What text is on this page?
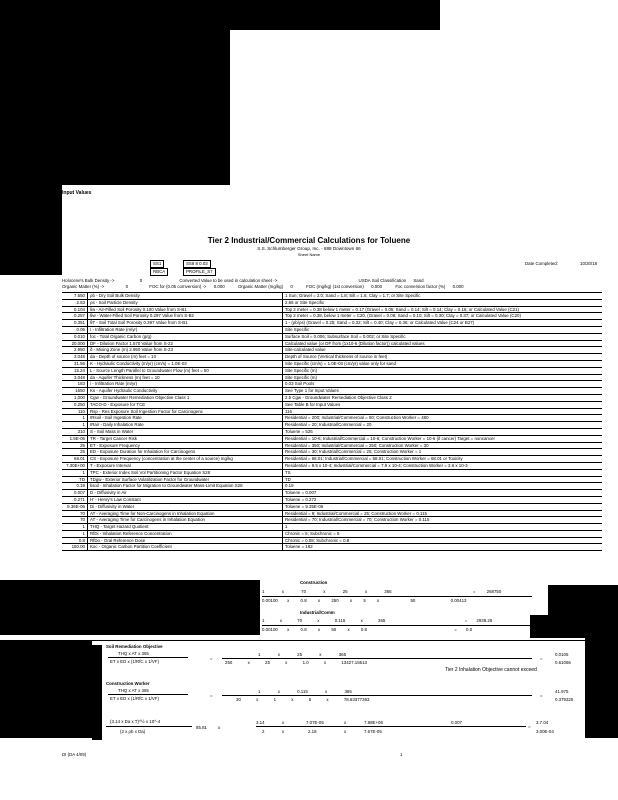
Input Values
Tier 2 Industrial/Commercial Calculations for Toluene
S.S. Schlumberger Group, Inc. - 888 Downtown 66
Sheet Name
SS1	SS8 8 0.03
RBCA	PROFILE_S7
Date Completed:	10/20/18
Holocene's Bulk Density ->	0	Converted Value to be used in calculation sheet ->	USDA Soil Classification Sand
Organic Matter (%) ->	0	FOC for (0.05 comversion) -> 0.000	Organic Matter (mg/kg) 0	FOC (mg/kg) (1st conversion) 0.000	Foc conversion factor (%) 0.000
7.550	ρb - Dry Soil Bulk Density	1 Sun; Gravel = 2.0; Sand = 1.8; Silt = 1.6; Clay = 1.7; or Site Specific
2.63	ρs - Soil Particle Density	2.65 or Site Specific
0.104	θa - Air-Filled Soil Porosity 0.100 Value from S-B1	Top 2 meter = 0.38 below 1 meter = 0.17 (Gravel = 0.05; Sand = 0.14; Silt = 0.14; Clay = 0.16; or Calculated Value (C21)
0.257	θw - Water-Filled Soil Porosity 0.297 Value from S-B2	Top 2 meter = 0.38, below 1 meter = C20, (Gravel = 0.08; Sand = 0.10; Silt = 0.30; Clay = 0.37; or Calculated Value (C20)
0.351	θT - Soil Total Soil Porosity 0.397 Value from S-B1	1 - (ρb/ρs) (Gravel = 0.25; Sand = 0.32; Silt = 0.40; Clay = 0.36; or Calculated Value (C24 or B27)
0.05	I - Infiltration Rate (m/yr)	Site Specific
0.010	foc - Total Organic Carbon (g/g)	Surface Soil = 0.006; Subsurface Soil = 0.002; or Site Specific
20.000	DF - Dilution Factor 1.570 Value from S-22	Calculated value (or DF from (1x10-6 (Dilution factor)) calculated values
2.950	δ - Mixing Zone (m) 2.950 Value from S-23	Site-calculated value
3.048	da - Depth of source (m) feet = 10	Depth of Source (Vertical thickness of source in feet)
31.56	K - Hydraulic Conductivity (m/yr) (cm/s) = 1.0E-03	Site Specific (cm/s) = 1.0E-03 (cm/yr) value only for sand
15.24	L - Source Length Parallel to Groundwater Flow (m) feet = 50	Site Specific (m)
3.048	da - Aquifer Thickness (m) feet = 10	Site Specific (m)
183	i - Infiltration Rate (m/yr)	0.03 Soil Pools
1650	Ks - Aquifer Hydraulic Conductivity	See Type 1 for Input Values
1,000	Cgw - Groundwater Remediation Objective Class 1	2.5 Cgw - Groundwater Remediation Objective Class 2
0.250	TACO-D - Exposure for TCE	See Table B for Input Values
110	Rsp - Res Exposure Soil Ingestion Factor for Carcinogens	116
1	IRsoil - Soil Ingestion Rate	Residential = 200; Industrial/Commercial = 50; Construction Worker = 480
1	IRair - Daily Inhalation Rate	Residential = 20; Industrial/Commercial = 20
310	S - Soil Mass in Water	Toluene = 526
1.9E-06	TR - Target Cancer Risk	Residential = 10-6; Industrial/Commercial = 10-6; Construction Worker = 10-6 (if cancer) Target = noncancer
25	ET - Exposure Frequency	Residential = 350; Industrial/Commercial = 250; Construction Worker = 30
25	ED - Exposure Duration for Inhalation for Carcinogens	Residential = 30; Industrial/Commercial = 25; Construction Worker = 1
68.01	CS - Exposure Frequency (concentration at the center of a source) mg/kg	Residential = 68.01; Industrial/Commercial = 68.01; Construction Worker = 68.01 or Toxicity
7.30E+00	T - Exposure Interval	Residential = 9.5 x 10-4; Industrial/Commercial = 7.9 x 10-4; Construction Worker = 3.6 x 10-3
1	TPC - Exterior Index Soil Vol Partitioning Factor Equation S28	TS
TD	TDgw - Exterior Surface Volatilization Factor for Groundwater	TD
0.19	ksoil - Inhalation Factor for Migration to Groundwater Mass-Limit Equation S28	0.19
0.007	D - Diffusivity in Air	Toluene = 0.007
0.271	H' - Henry's Law Constant	Toluene = 0.272
9.36E-06	Di - Diffusivity in Water	Toluene = 9.35E-06
70	AT - Averaging Time for Non-Carcinogens in Inhalation Equation	Residential = 9; Industrial/Commercial = 25; Construction Worker = 0.115
70	AT - Averaging Time for Carcinogens in Inhalation Equation	Residential = 70; Industrial/Commercial = 70; Construction Worker = 0.115
1	THQ - Target Hazard Quotient	1
1	RfDi - Inhalation Reference Concentration	Chronic = 5; Subchronic = 5
0.8	RfDo - Oral Reference Dose	Chronic = 0.08; Subchronic = 0.8
150.00	Koc - Organic Carbon Partition Coefficient	Toluene = 182
Construction
1	x	70	x	25	x	365	=	268750
0.00100 x	0.8	x	250	x	5	x	50	0.00413
Industrial/Comm
1	x	70	x	0.115	x	365	= 2938.29
0.00100 x	0.8	x	50	x	0.8	= 0.0
Soil Remediation Objective
THQ x AT x 365
ET x ED x (1/RfC x 1/VF)
1	x	25	x	365
=
250	x	25	x	1.0	x	13427.15513
=
0.0105
0.61066
Tier 2 Inhalation Objective cannot exceed
Construction Worker
THQ x AT x 365
ET x ED x (1/RfC x 1/VF)
1	x	0.115	x	365
=
30	x	1	x	5	x	78.63377363
=
41.975
0.379325
(3.14 x Da x T)^½ x 10^-4
(2 x ρb x Da)
85.81	x
3.14	x	7.07E-05	x	7.88E+06	0.007	3.7.04
2	x	2.18	x	7.67E-05	3.00E-04
=
DI (DA 4/09)	1
